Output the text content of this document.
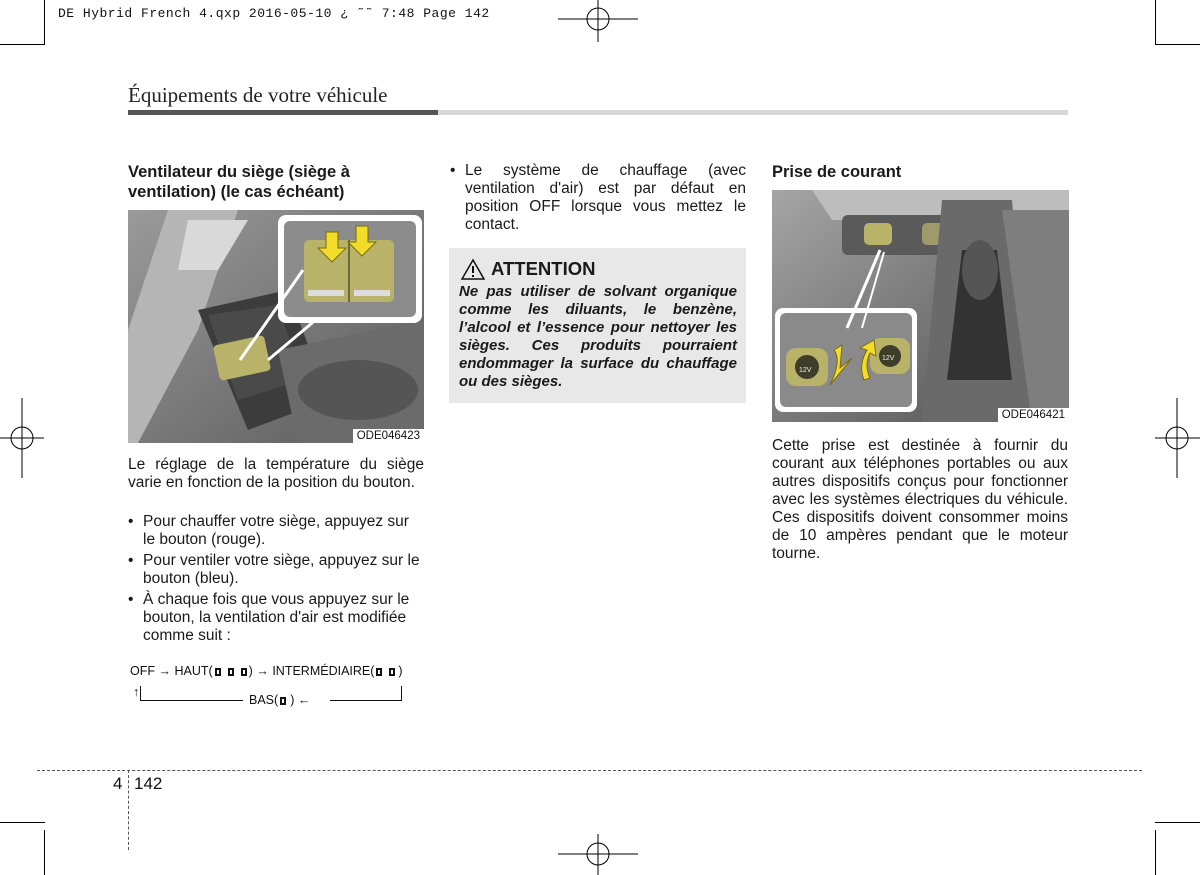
DE Hybrid French 4.qxp 2016-05-10 ¿ ˜˜ 7:48 Page 142
Équipements de votre véhicule
Ventilateur du siège (siège à ventilation) (le cas échéant)
ODE046423
Le réglage de la température du siège varie en fonction de la position du bouton.
• Pour chauffer votre siège, appuyez sur le bouton (rouge).
• Pour ventiler votre siège, appuyez sur le bouton (bleu).
• À chaque fois que vous appuyez sur le bouton, la ventilation d'air est modifiée comme suit :
OFF → HAUT(	) → INTERMÉDIAIRE( )
↑
BAS( ) ←
• Le système de chauffage (avec ventilation d'air) est par défaut en position OFF lorsque vous mettez le contact.
ATTENTION
Ne pas utiliser de solvant organique comme les diluants, le benzène, l’alcool et l’essence pour nettoyer les sièges. Ces produits pourraient endommager la surface du chauffage ou des sièges.
Prise de courant
12V
12V
ODE046421
Cette prise est destinée à fournir du courant aux téléphones portables ou aux autres dispositifs conçus pour fonctionner avec les systèmes électriques du véhicule. Ces dispositifs doivent consommer moins de 10 ampères pendant que le moteur tourne.
4 142
